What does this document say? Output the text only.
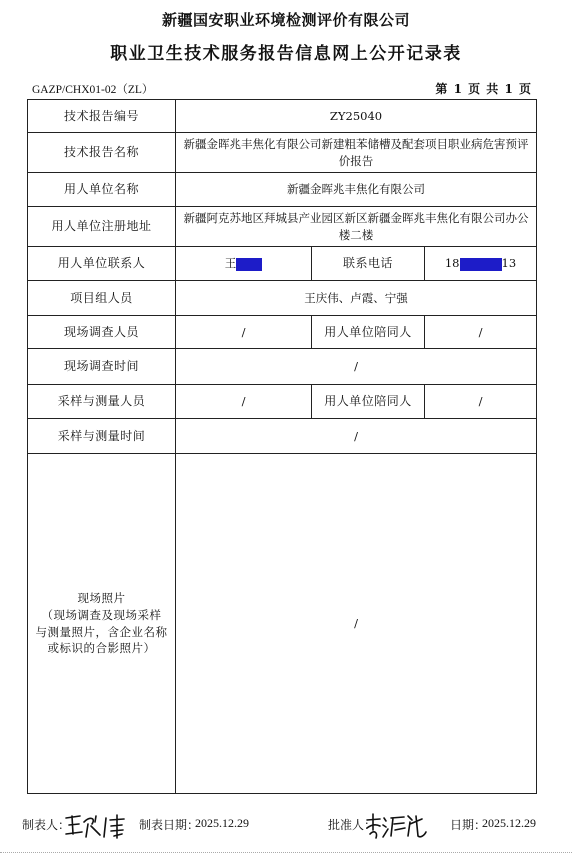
新疆国安职业环境检测评价有限公司
职业卫生技术服务报告信息网上公开记录表
GAZP/CHX01-02（ZL）	第 1 页 共 1 页
技术报告编号	ZY25040		
技术报告名称	新疆金晖兆丰焦化有限公司新建粗苯储槽及配套项目职业病危害预评价报告		
用人单位名称	新疆金晖兆丰焦化有限公司		
用人单位注册地址	新疆阿克苏地区拜城县产业园区新区新疆金晖兆丰焦化有限公司办公楼二楼		
用人单位联系人	王	联系电话	18 13
项目组人员	王庆伟、卢霞、宁强		
现场调查人员	/	用人单位陪同人	/
现场调查时间	/		
采样与测量人员	/	用人单位陪同人	/
采样与测量时间	/		

现场照片
（现场调查及现场采样
与测量照片，含企业名称
或标识的合影照片）	/		
制表人：	制表日期：
2025.12.29	批准人：	日期：
2025.12.29
